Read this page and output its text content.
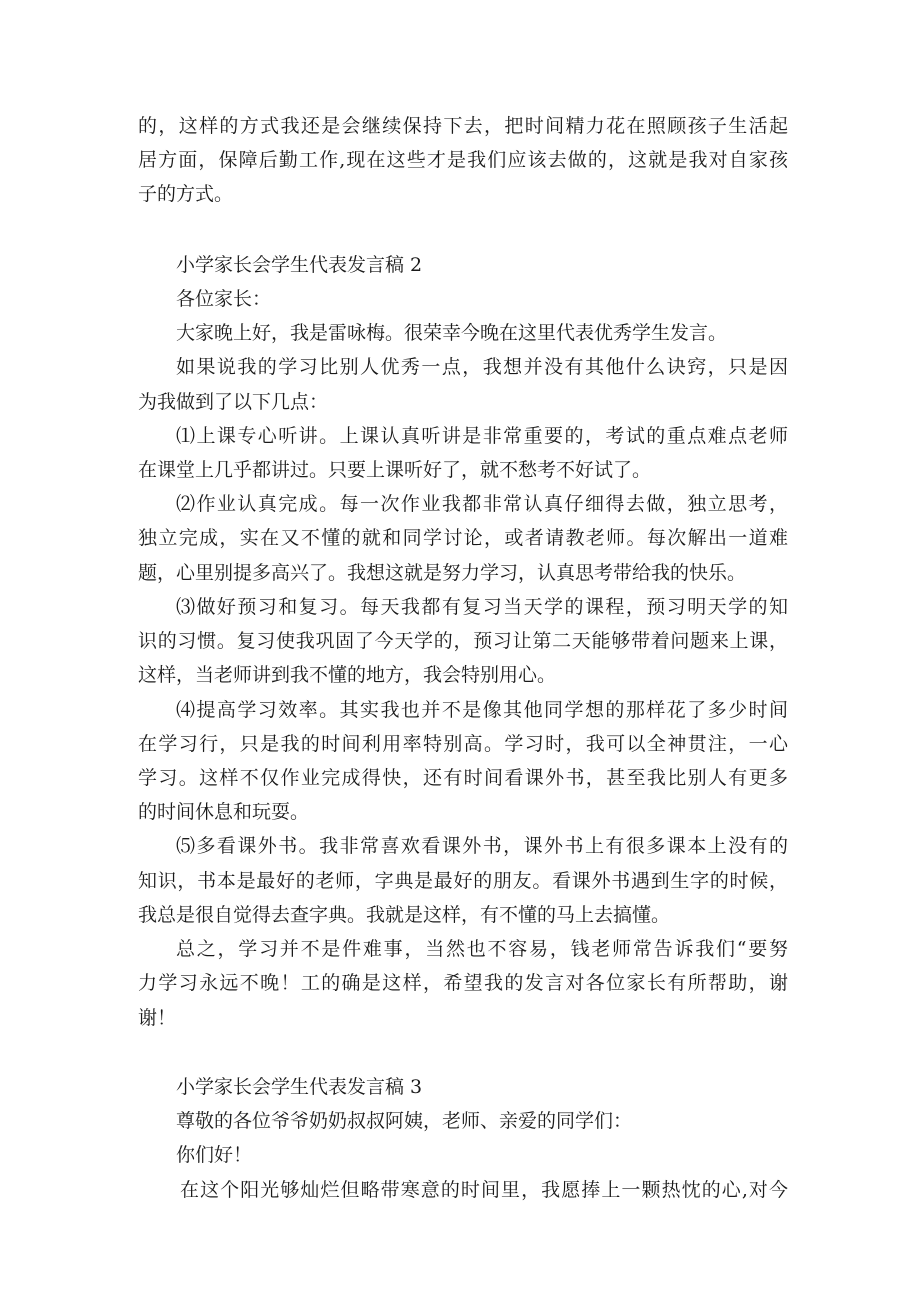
的，这样的方式我还是会继续保持下去，把时间精力花在照顾孩子生活起
居方面，保障后勤工作,现在这些才是我们应该去做的，这就是我对自家孩
子的方式。
小学家长会学生代表发言稿 2
各位家长：
大家晚上好，我是雷咏梅。很荣幸今晚在这里代表优秀学生发言。
如果说我的学习比别人优秀一点，我想并没有其他什么诀窍，只是因
为我做到了以下几点：
⑴上课专心听讲。上课认真听讲是非常重要的，考试的重点难点老师
在课堂上几乎都讲过。只要上课听好了，就不愁考不好试了。
⑵作业认真完成。每一次作业我都非常认真仔细得去做，独立思考，
独立完成，实在又不懂的就和同学讨论，或者请教老师。每次解出一道难
题，心里别提多高兴了。我想这就是努力学习，认真思考带给我的快乐。
⑶做好预习和复习。每天我都有复习当天学的课程，预习明天学的知
识的习惯。复习使我巩固了今天学的，预习让第二天能够带着问题来上课，
这样，当老师讲到我不懂的地方，我会特别用心。
⑷提高学习效率。其实我也并不是像其他同学想的那样花了多少时间
在学习行，只是我的时间利用率特别高。学习时，我可以全神贯注，一心
学习。这样不仅作业完成得快，还有时间看课外书，甚至我比别人有更多
的时间休息和玩耍。
⑸多看课外书。我非常喜欢看课外书，课外书上有很多课本上没有的
知识，书本是最好的老师，字典是最好的朋友。看课外书遇到生字的时候，
我总是很自觉得去查字典。我就是这样，有不懂的马上去搞懂。
总之，学习并不是件难事，当然也不容易，钱老师常告诉我们“要努
力学习永远不晚！工的确是这样，希望我的发言对各位家长有所帮助，谢
谢！
小学家长会学生代表发言稿 3
尊敬的各位爷爷奶奶叔叔阿姨，老师、亲爱的同学们：
你们好！
在这个阳光够灿烂但略带寒意的时间里，我愿捧上一颗热忱的心,对今
